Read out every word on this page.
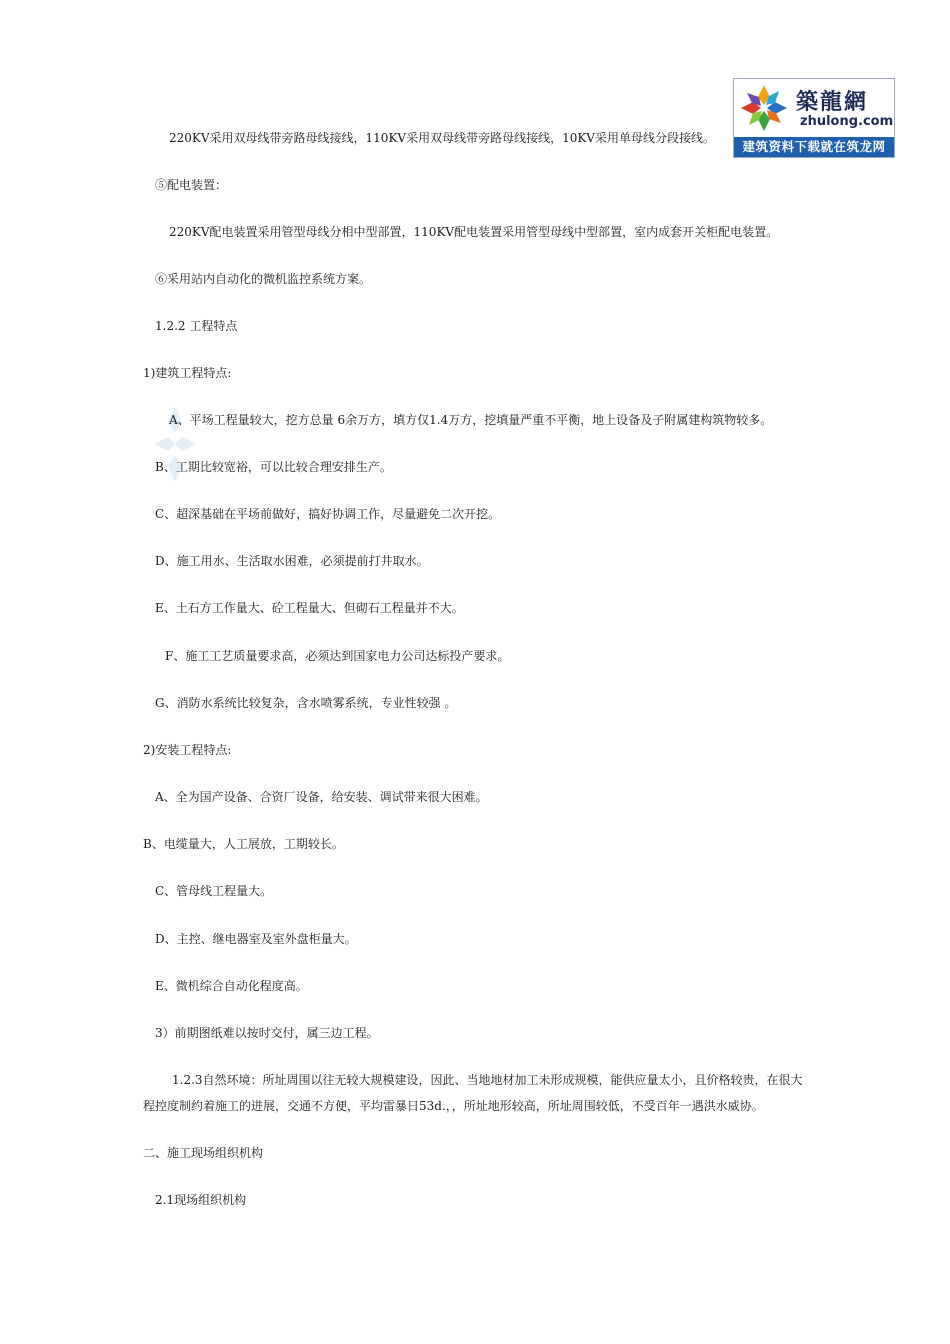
築龍網
zhulong.com
建筑资料下载就在筑龙网
220KV采用双母线带旁路母线接线，110KV采用双母线带旁路母线接线，10KV采用单母线分段接线。
⑤配电装置：
220KV配电装置采用管型母线分相中型部置，110KV配电装置采用管型母线中型部置，室内成套开关柜配电装置。
⑥采用站内自动化的微机监控系统方案。
1.2.2 工程特点
1)建筑工程特点:
A、平场工程量较大，挖方总量 6余万方，填方仅1.4万方，挖填量严重不平衡，地上设备及子附属建构筑物较多。
B、工期比较宽裕，可以比较合理安排生产。
C、超深基础在平场前做好，搞好协调工作，尽量避免二次开挖。
D、施工用水、生活取水困难，必须提前打井取水。
E、土石方工作量大、砼工程量大、但砌石工程量并不大。
F、施工工艺质量要求高，必须达到国家电力公司达标投产要求。
G、消防水系统比较复杂，含水喷雾系统，专业性较强 。
2)安装工程特点:
A、全为国产设备、合资厂设备，给安装、调试带来很大困难。
B、电缆量大，人工展放，工期较长。
C、管母线工程量大。
D、主控、继电器室及室外盘柜量大。
E、微机综合自动化程度高。
3）前期图纸难以按时交付，属三边工程。
1.2.3自然环境：所址周围以往无较大规模建设，因此、当地地材加工未形成规模，能供应量太小，且价格较贵，在很大程控度制约着施工的进展，交通不方便，平均雷暴日53d.，，所址地形较高，所址周围较低，不受百年一遇洪水威协。
二、施工现场组织机构
2.1现场组织机构
